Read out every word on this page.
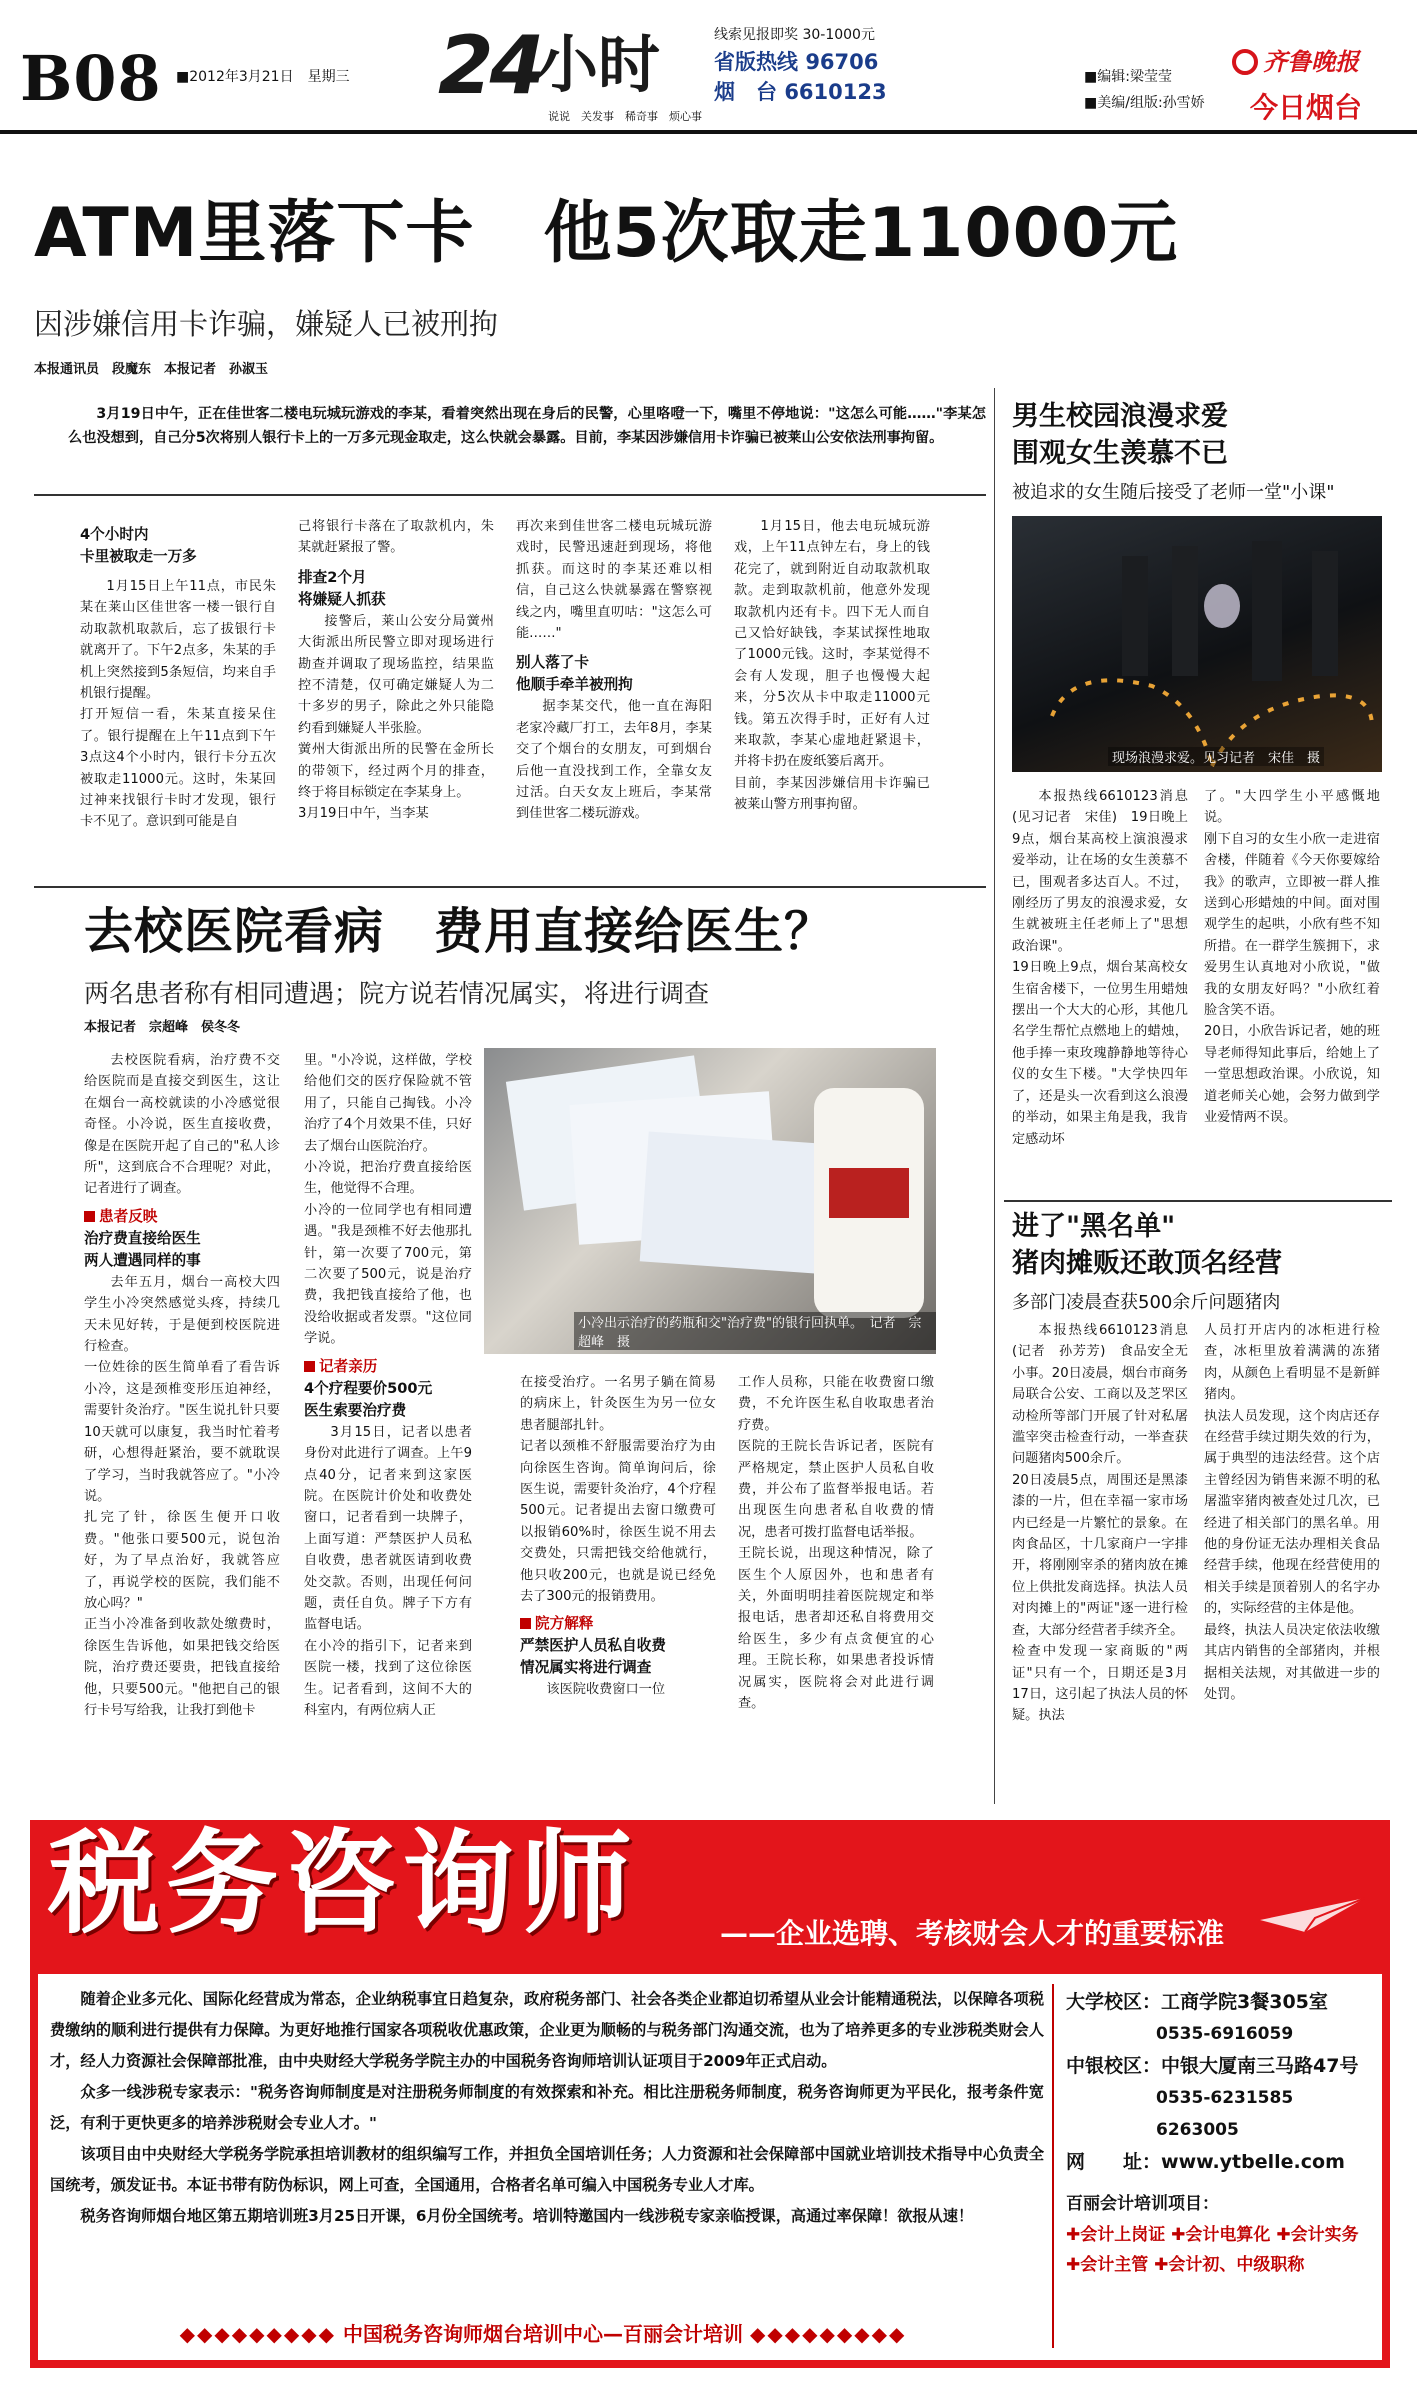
B08 ■2012年3月21日　星期三 24
小时
说说　关发事　稀奇事　烦心事
线索见报即奖 30-1000元
省版热线 96706
烟　台 6610123
■编辑:梁莹莹
■美编/组版:孙雪娇
齐鲁晚报
今日烟台
ATM里落下卡　他5次取走11000元
因涉嫌信用卡诈骗，嫌疑人已被刑拘
本报通讯员　段魔东　本报记者　孙淑玉
3月19日中午，正在佳世客二楼电玩城玩游戏的李某，看着突然出现在身后的民警，心里咯噔一下，嘴里不停地说："这怎么可能……"李某怎么也没想到，自己分5次将别人银行卡上的一万多元现金取走，这么快就会暴露。目前，李某因涉嫌信用卡诈骗已被莱山公安依法刑事拘留。
4个小时内
卡里被取走一万多

1月15日上午11点，市民朱某在莱山区佳世客一楼一银行自动取款机取款后，忘了拔银行卡就离开了。下午2点多，朱某的手机上突然接到5条短信，均来自手机银行提醒。
打开短信一看，朱某直接呆住了。银行提醒在上午11点到下午3点这4个小时内，银行卡分五次被取走11000元。这时，朱某回过神来找银行卡时才发现，银行卡不见了。意识到可能是自

己将银行卡落在了取款机内，朱某就赶紧报了警。

排查2个月
将嫌疑人抓获

接警后，莱山公安分局黉州大街派出所民警立即对现场进行勘查并调取了现场监控，结果监控不清楚，仅可确定嫌疑人为二十多岁的男子，除此之外只能隐约看到嫌疑人半张脸。
黉州大街派出所的民警在金所长的带领下，经过两个月的排查，终于将目标锁定在李某身上。
3月19日中午，当李某

再次来到佳世客二楼电玩城玩游戏时，民警迅速赶到现场，将他抓获。而这时的李某还难以相信，自己这么快就暴露在警察视线之内，嘴里直叨咕："这怎么可能……"

别人落了卡
他顺手牵羊被刑拘

据李某交代，他一直在海阳老家冷藏厂打工，去年8月，李某交了个烟台的女朋友，可到烟台后他一直没找到工作，全靠女友过活。白天女友上班后，李某常到佳世客二楼玩游戏。

1月15日，他去电玩城玩游戏，上午11点钟左右，身上的钱花完了，就到附近自动取款机取款。走到取款机前，他意外发现取款机内还有卡。四下无人而自己又恰好缺钱，李某试探性地取了1000元钱。这时，李某觉得不会有人发现，胆子也慢慢大起来，分5次从卡中取走11000元钱。第五次得手时，正好有人过来取款，李某心虚地赶紧退卡，并将卡扔在废纸篓后离开。
目前，李某因涉嫌信用卡诈骗已被莱山警方刑事拘留。

男生校园浪漫求爱
围观女生羡慕不已
被追求的女生随后接受了老师一堂"小课"
现场浪漫求爱。见习记者　宋佳　摄

本报热线6610123消息(见习记者　宋佳)　19日晚上9点，烟台某高校上演浪漫求爱举动，让在场的女生羡慕不已，围观者多达百人。不过，刚经历了男友的浪漫求爱，女生就被班主任老师上了"思想政治课"。
19日晚上9点，烟台某高校女生宿舍楼下，一位男生用蜡烛摆出一个大大的心形，其他几名学生帮忙点燃地上的蜡烛，他手捧一束玫瑰静静地等待心仪的女生下楼。"大学快四年了，还是头一次看到这么浪漫的举动，如果主角是我，我肯定感动坏

了。"大四学生小平感慨地说。
刚下自习的女生小欣一走进宿舍楼，伴随着《今天你要嫁给我》的歌声，立即被一群人推送到心形蜡烛的中间。面对围观学生的起哄，小欣有些不知所措。在一群学生簇拥下，求爱男生认真地对小欣说，"做我的女朋友好吗？"小欣红着脸含笑不语。
20日，小欣告诉记者，她的班导老师得知此事后，给她上了一堂思想政治课。小欣说，知道老师关心她，会努力做到学业爱情两不误。

进了"黑名单"
猪肉摊贩还敢顶名经营
多部门凌晨查获500余斤问题猪肉

本报热线6610123消息(记者　孙芳芳)　食品安全无小事。20日凌晨，烟台市商务局联合公安、工商以及芝罘区动检所等部门开展了针对私屠滥宰突击检查行动，一举查获问题猪肉500余斤。
20日凌晨5点，周围还是黑漆漆的一片，但在幸福一家市场内已经是一片繁忙的景象。在肉食品区，十几家商户一字排开，将刚刚宰杀的猪肉放在摊位上供批发商选择。执法人员对肉摊上的"两证"逐一进行检查，大部分经营者手续齐全。
检查中发现一家商販的"两证"只有一个，日期还是3月17日，这引起了执法人员的怀疑。执法

人员打开店内的冰柜进行检查，冰柜里放着满满的冻猪肉，从颜色上看明显不是新鲜猪肉。
执法人员发现，这个肉店还存在经营手续过期失效的行为，属于典型的违法经营。这个店主曾经因为销售来源不明的私屠滥宰猪肉被查处过几次，已经进了相关部门的黑名单。用他的身份证无法办理相关食品经营手续，他现在经营使用的相关手续是顶着别人的名字办的，实际经营的主体是他。
最终，执法人员决定依法收缴其店内销售的全部猪肉，并根据相关法规，对其做进一步的处罚。

去校医院看病　费用直接给医生？
两名患者称有相同遭遇；院方说若情况属实，将进行调查
本报记者　宗超峰　侯冬冬

去校医院看病，治疗费不交给医院而是直接交到医生，这让在烟台一高校就读的小冷感觉很奇怪。小冷说，医生直接收费，像是在医院开起了自己的"私人诊所"，这到底合不合理呢？对此，记者进行了调查。

患者反映
治疗费直接给医生
两人遭遇同样的事

去年五月，烟台一高校大四学生小冷突然感觉头疼，持续几天未见好转，于是便到校医院进行检查。
一位姓徐的医生简单看了看告诉小冷，这是颈椎变形压迫神经，需要针灸治疗。"医生说扎针只要10天就可以康复，我当时忙着考研，心想得赶紧治，要不就耽误了学习，当时我就答应了。"小冷说。
扎完了针，徐医生便开口收费。"他张口要500元，说包治好，为了早点治好，我就答应了，再说学校的医院，我们能不放心吗？"
正当小冷准备到收款处缴费时，徐医生告诉他，如果把钱交给医院，治疗费还要贵，把钱直接给他，只要500元。"他把自己的银行卡号写给我，让我打到他卡

小冷出示治疗的药瓶和交"治疗费"的银行回执单。　记者　宗超峰　摄

里。"小冷说，这样做，学校给他们交的医疗保险就不管用了，只能自己掏钱。小冷治疗了4个月效果不佳，只好去了烟台山医院治疗。
小冷说，把治疗费直接给医生，他觉得不合理。
小冷的一位同学也有相同遭遇。"我是颈椎不好去他那扎针，第一次要了700元，第二次要了500元，说是治疗费，我把钱直接给了他，也没给收据或者发票。"这位同学说。

记者亲历
4个疗程要价500元
医生索要治疗费

3月15日，记者以患者身份对此进行了调查。上午9点40分，记者来到这家医院。在医院计价处和收费处窗口，记者看到一块牌子，上面写道：严禁医护人员私自收费，患者就医请到收费处交款。否则，出现任何问题，责任自负。牌子下方有监督电话。
在小冷的指引下，记者来到医院一楼，找到了这位徐医生。记者看到，这间不大的科室内，有两位病人正

在接受治疗。一名男子躺在简易的病床上，针灸医生为另一位女患者腿部扎针。
记者以颈椎不舒服需要治疗为由向徐医生咨询。简单询问后，徐医生说，需要针灸治疗，4个疗程500元。记者提出去窗口缴费可以报销60%时，徐医生说不用去交费处，只需把钱交给他就行，他只收200元，也就是说已经免去了300元的报销费用。

院方解释
严禁医护人员私自收费
情况属实将进行调查

该医院收费窗口一位

工作人员称，只能在收费窗口缴费，不允许医生私自收取患者治疗费。
医院的王院长告诉记者，医院有严格规定，禁止医护人员私自收费，并公布了监督举报电话。若出现医生向患者私自收费的情况，患者可拨打监督电话举报。
王院长说，出现这种情况，除了医生个人原因外，也和患者有关，外面明明挂着医院规定和举报电话，患者却还私自将费用交给医生，多少有点贪便宜的心理。王院长称，如果患者投诉情况属实，医院将会对此进行调查。

税务咨询师	——企业选聘、考核财会人才的重要标准

随着企业多元化、国际化经营成为常态，企业纳税事宜日趋复杂，政府税务部门、社会各类企业都迫切希望从业会计能精通税法，以保障各项税费缴纳的顺利进行提供有力保障。为更好地推行国家各项税收优惠政策，企业更为顺畅的与税务部门沟通交流，也为了培养更多的专业涉税类财会人才，经人力资源社会保障部批准，由中央财经大学税务学院主办的中国税务咨询师培训认证项目于2009年正式启动。

众多一线涉税专家表示："税务咨询师制度是对注册税务师制度的有效探索和补充。相比注册税务师制度，税务咨询师更为平民化，报考条件宽泛，有利于更快更多的培养涉税财会专业人才。"

该项目由中央财经大学税务学院承担培训教材的组织编写工作，并担负全国培训任务；人力资源和社会保障部中国就业培训技术指导中心负责全国统考，颁发证书。本证书带有防伪标识，网上可查，全国通用，合格者名单可编入中国税务专业人才库。

税务咨询师烟台地区第五期培训班3月25日开课，6月份全国统考。培训特邀国内一线涉税专家亲临授课，高通过率保障！欲报从速！

◆◆◆◆◆◆◆◆◆ 中国税务咨询师烟台培训中心—百丽会计培训 ◆◆◆◆◆◆◆◆◆
大学校区：工商学院3餐305室
0535-6916059
中银校区：中银大厦南三马路47号
0535-6231585 6263005
网　　址：www.ytbelle.com
百丽会计培训项目：
✚会计上岗证 ✚会计电算化 ✚会计实务
✚会计主管 ✚会计初、中级职称
